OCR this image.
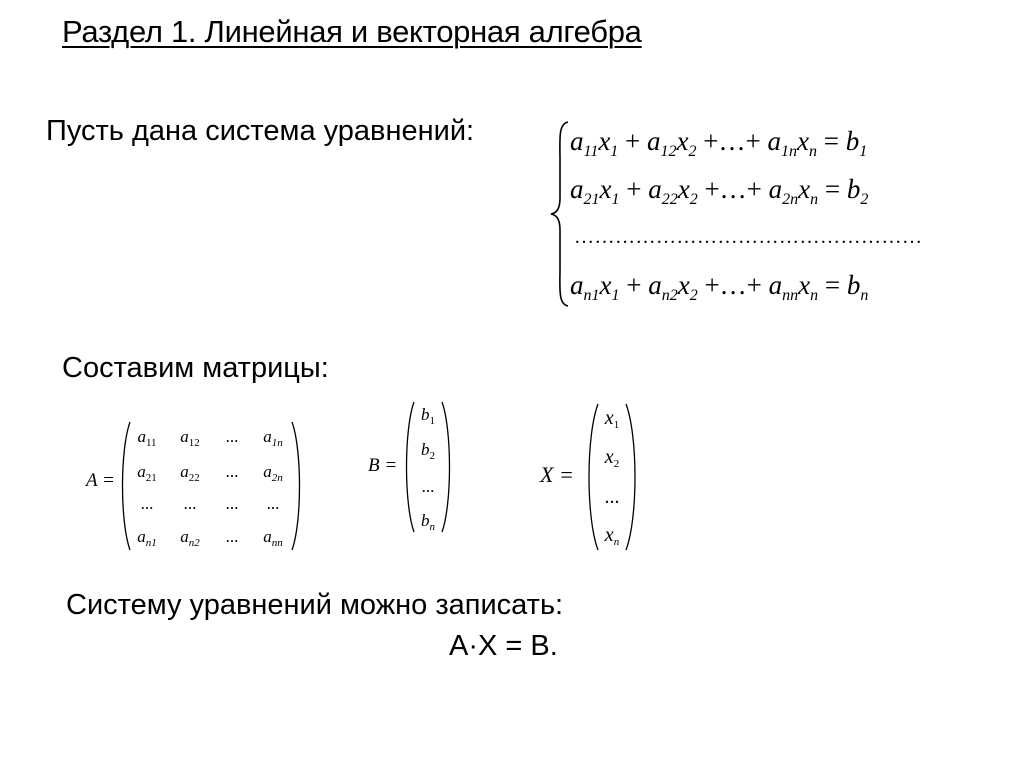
Раздел 1. Линейная и векторная алгебра
Пусть дана система уравнений:	$a_{11}x_1 + a_{12}x_2$ +…+ $a_{1n}x_n = b_1$
$a_{21}x_1 + a_{22}x_2$ +…+ $a_{2n}x_n = b_2$
……………………………………………
$a_{n1}x_1 + a_{n2}x_2$ +…+ $a_{nn}x_n = b_n$
Составим матрицы:
A =
$a_{11}$	$a_{12}$	...	$a_{1n}$
$a_{21}$	$a_{22}$	...	$a_{2n}$
...	...	...	...
$a_{n1}$	$a_{n2}$	...	$a_{nn}$
B =
$b_1$
$b_2$
...
$b_n$
X =
$x_1$
$x_2$
...
$x_n$
Систему уравнений можно записать:
A·X = B.
